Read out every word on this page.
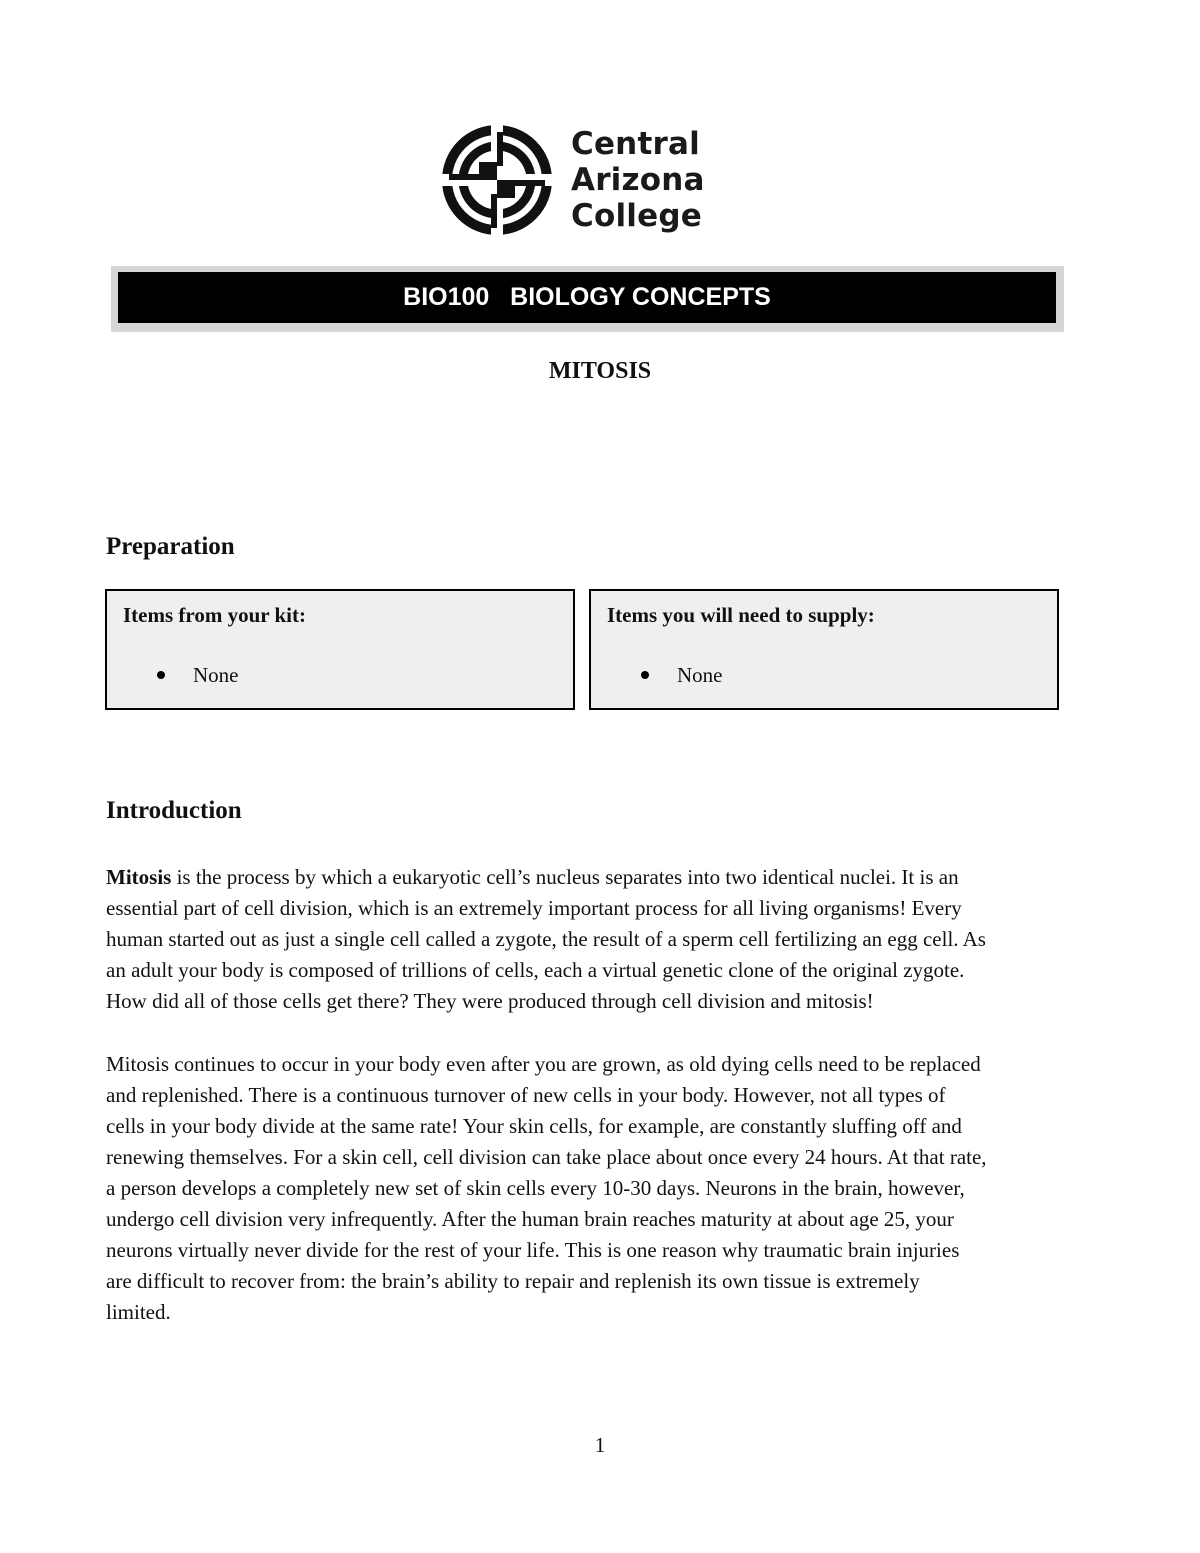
Central
Arizona
College
BIO100   BIOLOGY CONCEPTS
MITOSIS
Preparation
Items from your kit:
None
Items you will need to supply:
None
Introduction
Mitosis is the process by which a eukaryotic cell’s nucleus separates into two identical nuclei. It is an
essential part of cell division, which is an extremely important process for all living organisms! Every
human started out as just a single cell called a zygote, the result of a sperm cell fertilizing an egg cell. As
an adult your body is composed of trillions of cells, each a virtual genetic clone of the original zygote.
How did all of those cells get there? They were produced through cell division and mitosis!
Mitosis continues to occur in your body even after you are grown, as old dying cells need to be replaced
and replenished. There is a continuous turnover of new cells in your body. However, not all types of
cells in your body divide at the same rate! Your skin cells, for example, are constantly sluffing off and
renewing themselves. For a skin cell, cell division can take place about once every 24 hours. At that rate,
a person develops a completely new set of skin cells every 10-30 days. Neurons in the brain, however,
undergo cell division very infrequently. After the human brain reaches maturity at about age 25, your
neurons virtually never divide for the rest of your life. This is one reason why traumatic brain injuries
are difficult to recover from: the brain’s ability to repair and replenish its own tissue is extremely
limited.
1
